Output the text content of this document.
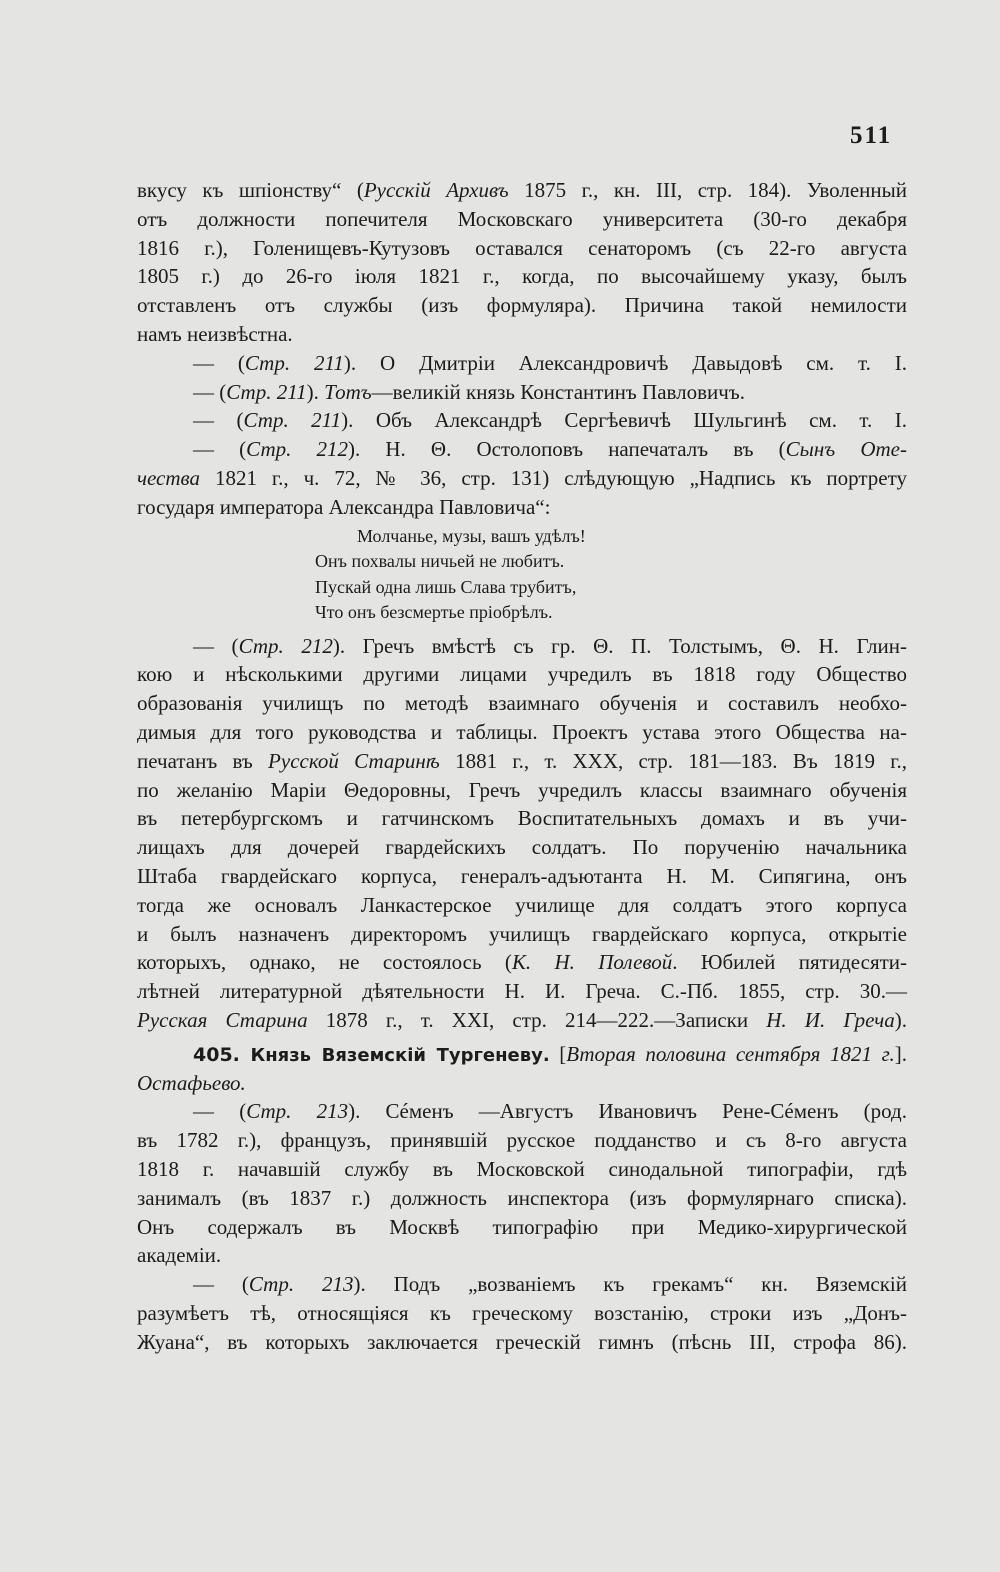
511
вкусу къ шпіонству“ (Русскій Архивъ 1875 г., кн. III, стр. 184). Уволенный
отъ должности попечителя Московскаго университета (30-го декабря
1816 г.), Голенищевъ-Кутузовъ оставался сенаторомъ (съ 22-го августа
1805 г.) до 26-го іюля 1821 г., когда, по высочайшему указу, былъ
отставленъ отъ службы (изъ формуляра). Причина такой немилости
намъ неизвѣстна.
— (Стр. 211). О Дмитріи Александровичѣ Давыдовѣ см. т. I.
— (Стр. 211). Тотъ—великій князь Константинъ Павловичъ.
— (Стр. 211). Объ Александрѣ Сергѣевичѣ Шульгинѣ см. т. I.
— (Стр. 212). Н. Θ. Остолоповъ напечаталъ въ (Сынъ Оте-
чества 1821 г., ч. 72, № 36, стр. 131) слѣдующую „Надпись къ портрету
государя императора Александра Павловича“:
Молчанье, музы, вашъ удѣлъ!
Онъ похвалы ничьей не любитъ.
Пускай одна лишь Слава трубитъ,
Что онъ безсмертье пріобрѣлъ.
— (Стр. 212). Гречъ вмѣстѣ съ гр. Θ. П. Толстымъ, Θ. Н. Глин-
кою и нѣсколькими другими лицами учредилъ въ 1818 году Общество
образованія училищъ по методѣ взаимнаго обученія и составилъ необхо-
димыя для того руководства и таблицы. Проектъ устава этого Общества на-
печатанъ въ Русской Старинѣ 1881 г., т. XXX, стр. 181—183. Въ 1819 г.,
по желанію Маріи Θедоровны, Гречъ учредилъ классы взаимнаго обученія
въ петербургскомъ и гатчинскомъ Воспитательныхъ домахъ и въ учи-
лищахъ для дочерей гвардейскихъ солдатъ. По порученію начальника
Штаба гвардейскаго корпуса, генералъ-адъютанта Н. М. Сипягина, онъ
тогда же основалъ Ланкастерское училище для солдатъ этого корпуса
и былъ назначенъ директоромъ училищъ гвардейскаго корпуса, открытіе
которыхъ, однако, не состоялось (К. Н. Полевой. Юбилей пятидесяти-
лѣтней литературной дѣятельности Н. И. Греча. С.-Пб. 1855, стр. 30.—
Русская Старина 1878 г., т. XXI, стр. 214—222.—Записки Н. И. Греча).
405. Князь Вяземскій Тургеневу. [Вторая половина сентября 1821 г.].
Остафьево.
— (Стр. 213). Сéменъ —Августъ Ивановичъ Рене-Сéменъ (род.
въ 1782 г.), французъ, принявшій русское подданство и съ 8-го августа
1818 г. начавшій службу въ Московской синодальной типографіи, гдѣ
занималъ (въ 1837 г.) должность инспектора (изъ формулярнаго списка).
Онъ содержалъ въ Москвѣ типографію при Медико-хирургической
академіи.
— (Стр. 213). Подъ „возваніемъ къ грекамъ“ кн. Вяземскій
разумѣетъ тѣ, относящіяся къ греческому возстанію, строки изъ „Донъ-
Жуана“, въ которыхъ заключается греческій гимнъ (пѣснь III, строфа 86).
